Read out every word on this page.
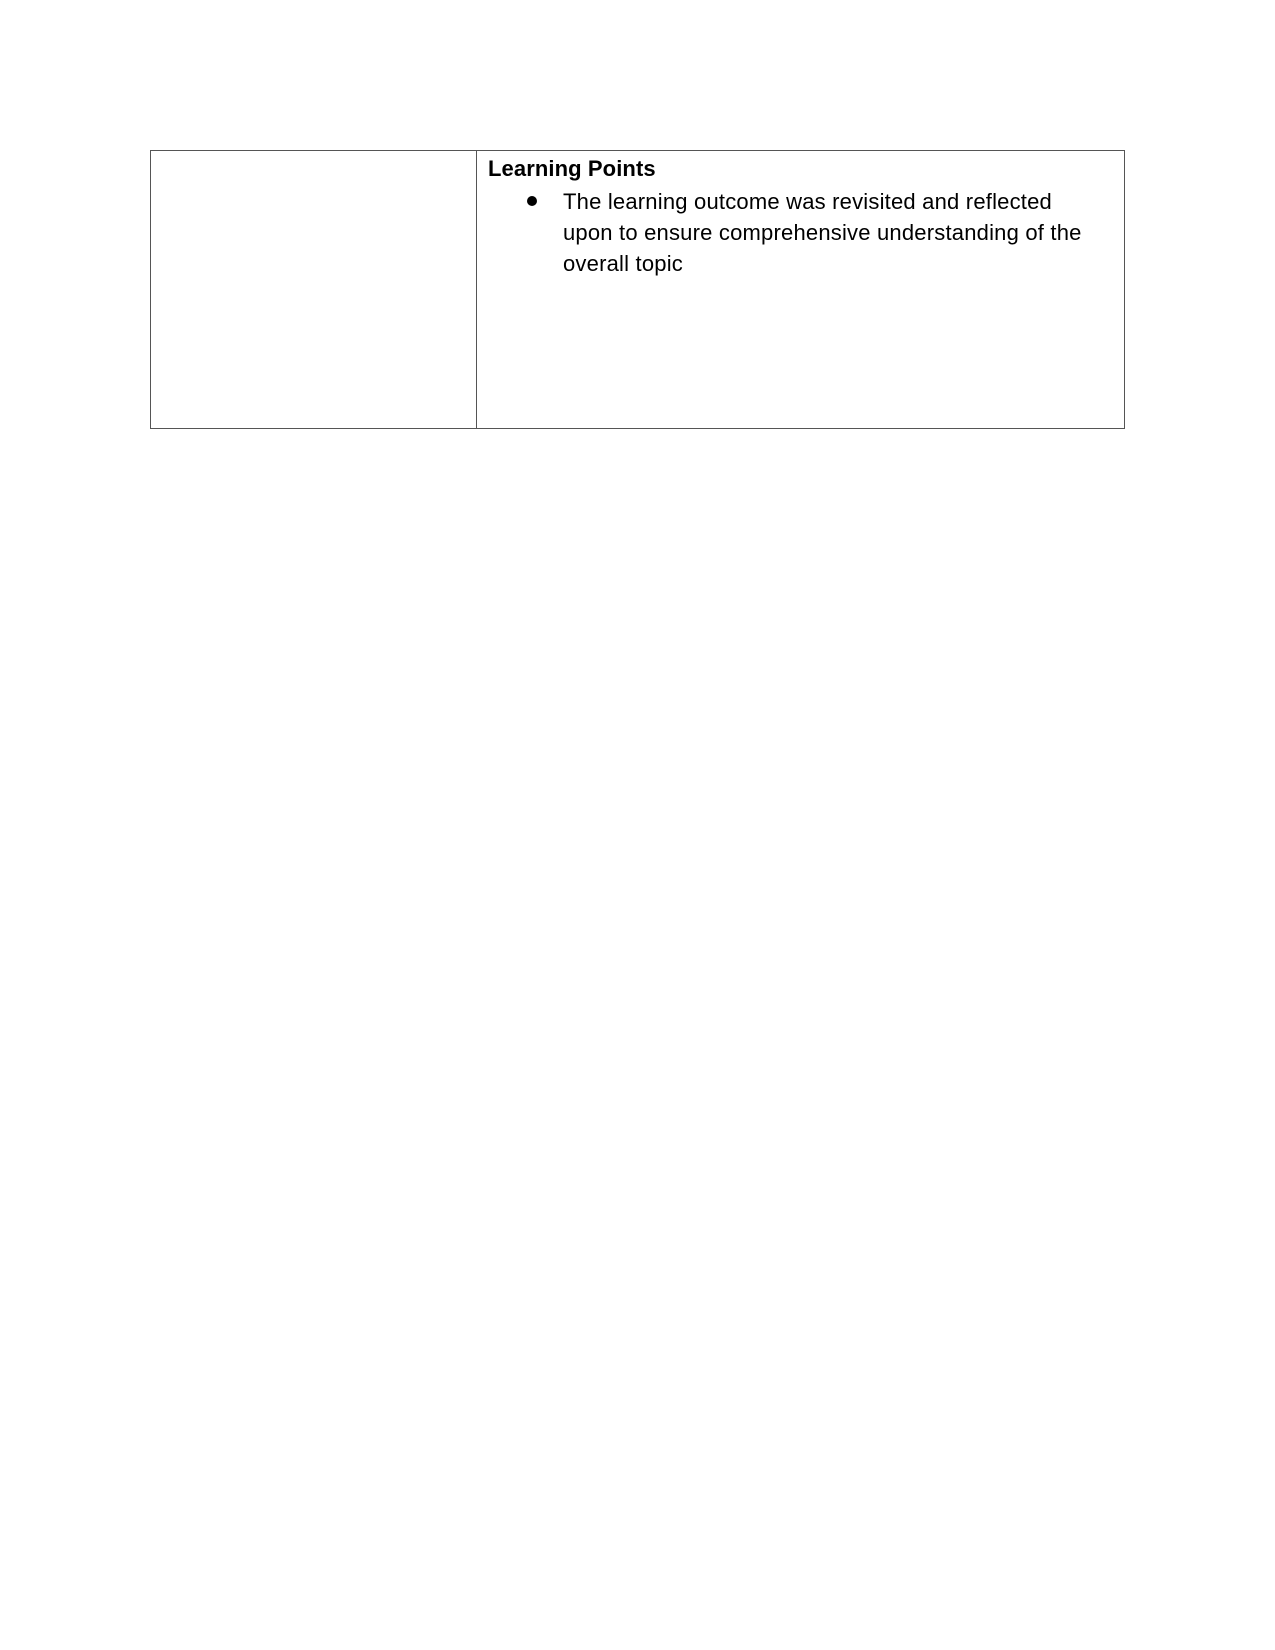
Learning Points

The learning outcome was revisited and reflected upon to ensure comprehensive understanding of the overall topic
